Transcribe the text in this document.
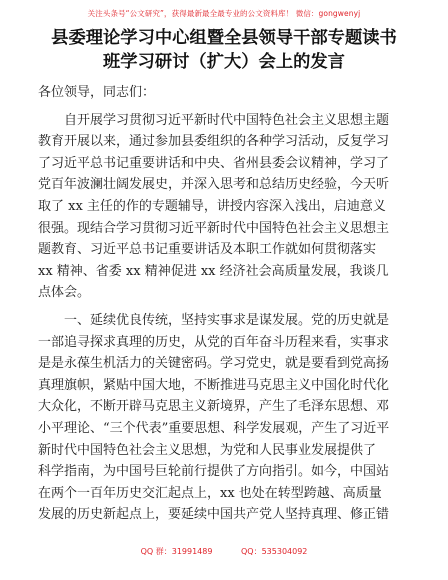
关注头条号“公文研究”，获得最新最全最专业的公文资料库！ 微信：gongwenyj
县委理论学习中心组暨全县领导干部专题读书
班学习研讨（扩大）会上的发言
各位领导，同志们：
　　自开展学习贯彻习近平新时代中国特色社会主义思想主题
教育开展以来，通过参加县委组织的各种学习活动，反复学习
了习近平总书记重要讲话和中央、省州县委会议精神，学习了
党百年波澜壮阔发展史，并深入思考和总结历史经验，今天听
取了 xx 主任的作的专题辅导，讲授内容深入浅出，启迪意义
很强。现结合学习贯彻习近平新时代中国特色社会主义思想主
题教育、习近平总书记重要讲话及本职工作就如何贯彻落实
xx 精神、省委 xx 精神促进 xx 经济社会高质量发展，我谈几
点体会。
　　一、延续优良传统，坚持实事求是谋发展。党的历史就是
一部追寻探求真理的历史，从党的百年奋斗历程来看，实事求
是是永葆生机活力的关键密码。学习党史，就是要看到党高扬
真理旗帜，紧贴中国大地，不断推进马克思主义中国化时代化
大众化，不断开辟马克思主义新境界，产生了毛泽东思想、邓
小平理论、“三个代表”重要思想、科学发展观，产生了习近平
新时代中国特色社会主义思想，为党和人民事业发展提供了
科学指南，为中国号巨轮前行提供了方向指引。如今，中国站
在两个一百年历史交汇起点上，xx 也处在转型跨越、高质量
发展的历史新起点上，要延续中国共产党人坚持真理、修正错
QQ 群：31991489	QQ：535304092
